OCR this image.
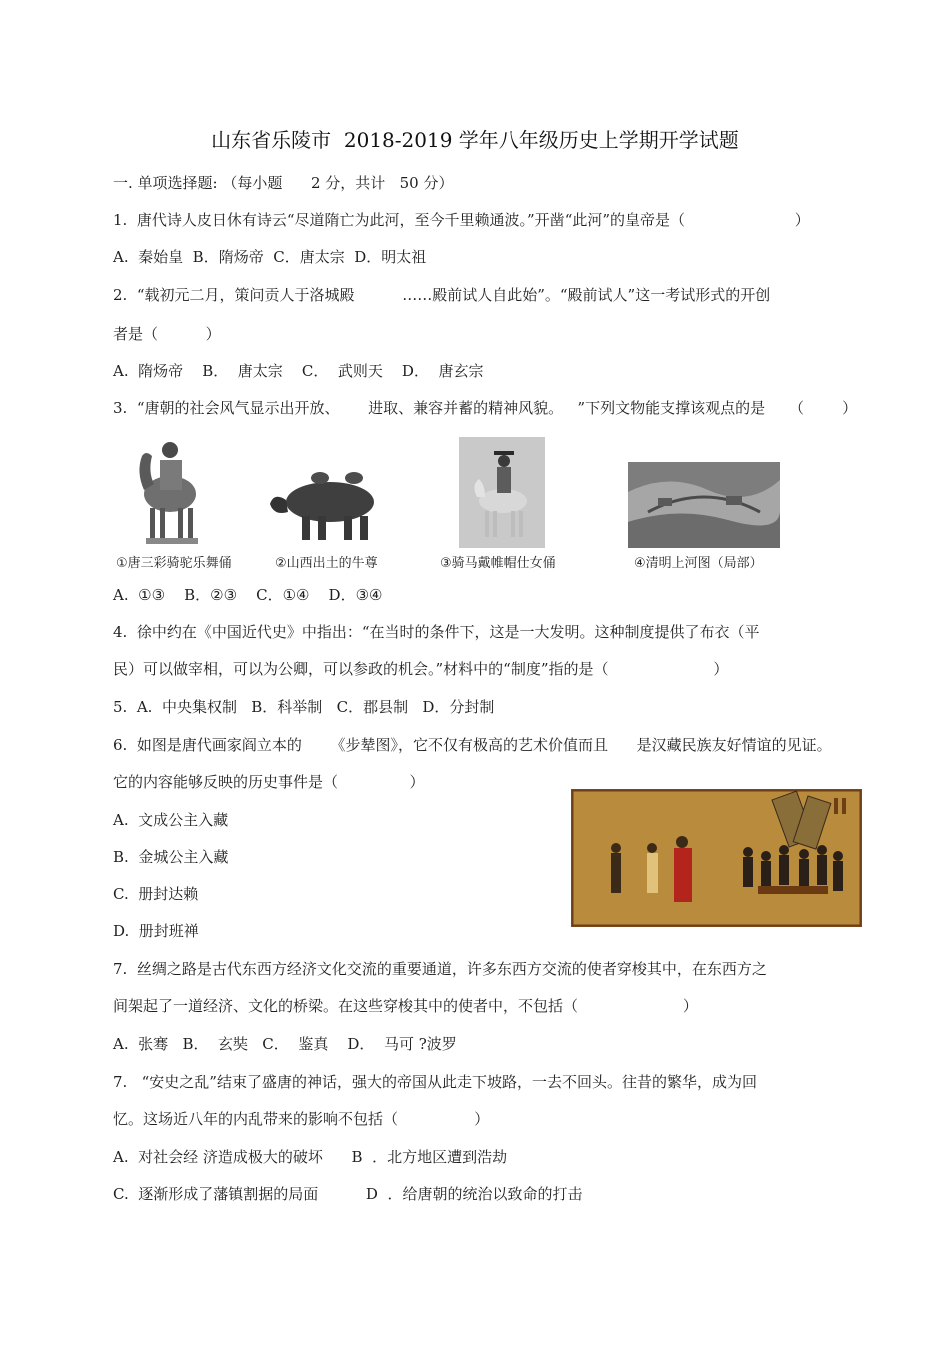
山东省乐陵市  2018-2019 学年八年级历史上学期开学试题
一. 单项选择题: （每小题      2 分，共计   50 分）
1.  唐代诗人皮日休有诗云“尽道隋亡为此河，至今千里赖通波。”开凿“此河”的皇帝是（                       ）
A.  秦始皇  B．隋炀帝  C．唐太宗  D．明太祖
2.  “载初元二月，策问贡人于洛城殿          ……殿前试人自此始”。“殿前试人”这一考试形式的开创
者是（          ）
A.  隋炀帝    B．  唐太宗    C．  武则天    D．  唐玄宗
3.  “唐朝的社会风气显示出开放、      进取、兼容并蓄的精神风貌。   ”下列文物能支撑该观点的是     （        ）
①唐三彩骑驼乐舞俑	②山西出土的牛尊	③骑马戴帷帽仕女俑	④清明上河图（局部）
A.  ①③    B．②③    C．①④    D．③④
4.  徐中约在《中国近代史》中指出：“在当时的条件下，这是一大发明。这种制度提供了布衣（平
民）可以做宰相，可以为公卿，可以参政的机会。”材料中的“制度”指的是（                      ）
5.  A.  中央集权制   B．科举制   C．郡县制   D．分封制
6.  如图是唐代画家阎立本的      《步辇图》，它不仅有极高的艺术价值而且      是汉藏民族友好情谊的见证。
它的内容能够反映的历史事件是（               ）
A.  文成公主入藏
B.  金城公主入藏
C.  册封达赖
D.  册封班禅
7.  丝绸之路是古代东西方经济文化交流的重要通道，许多东西方交流的使者穿梭其中，在东西方之
间架起了一道经济、文化的桥梁。在这些穿梭其中的使者中，不包括（                      ）
A.  张骞   B．  玄奘   C．  鉴真    D．  马可 ?波罗
7.   “安史之乱”结束了盛唐的神话，强大的帝国从此走下坡路，一去不回头。往昔的繁华，成为回
忆。这场近八年的内乱带来的影响不包括（                ）
A.  对社会经 济造成极大的破坏      B  ．北方地区遭到浩劫
C.  逐渐形成了藩镇割据的局面          D  ．给唐朝的统治以致命的打击
